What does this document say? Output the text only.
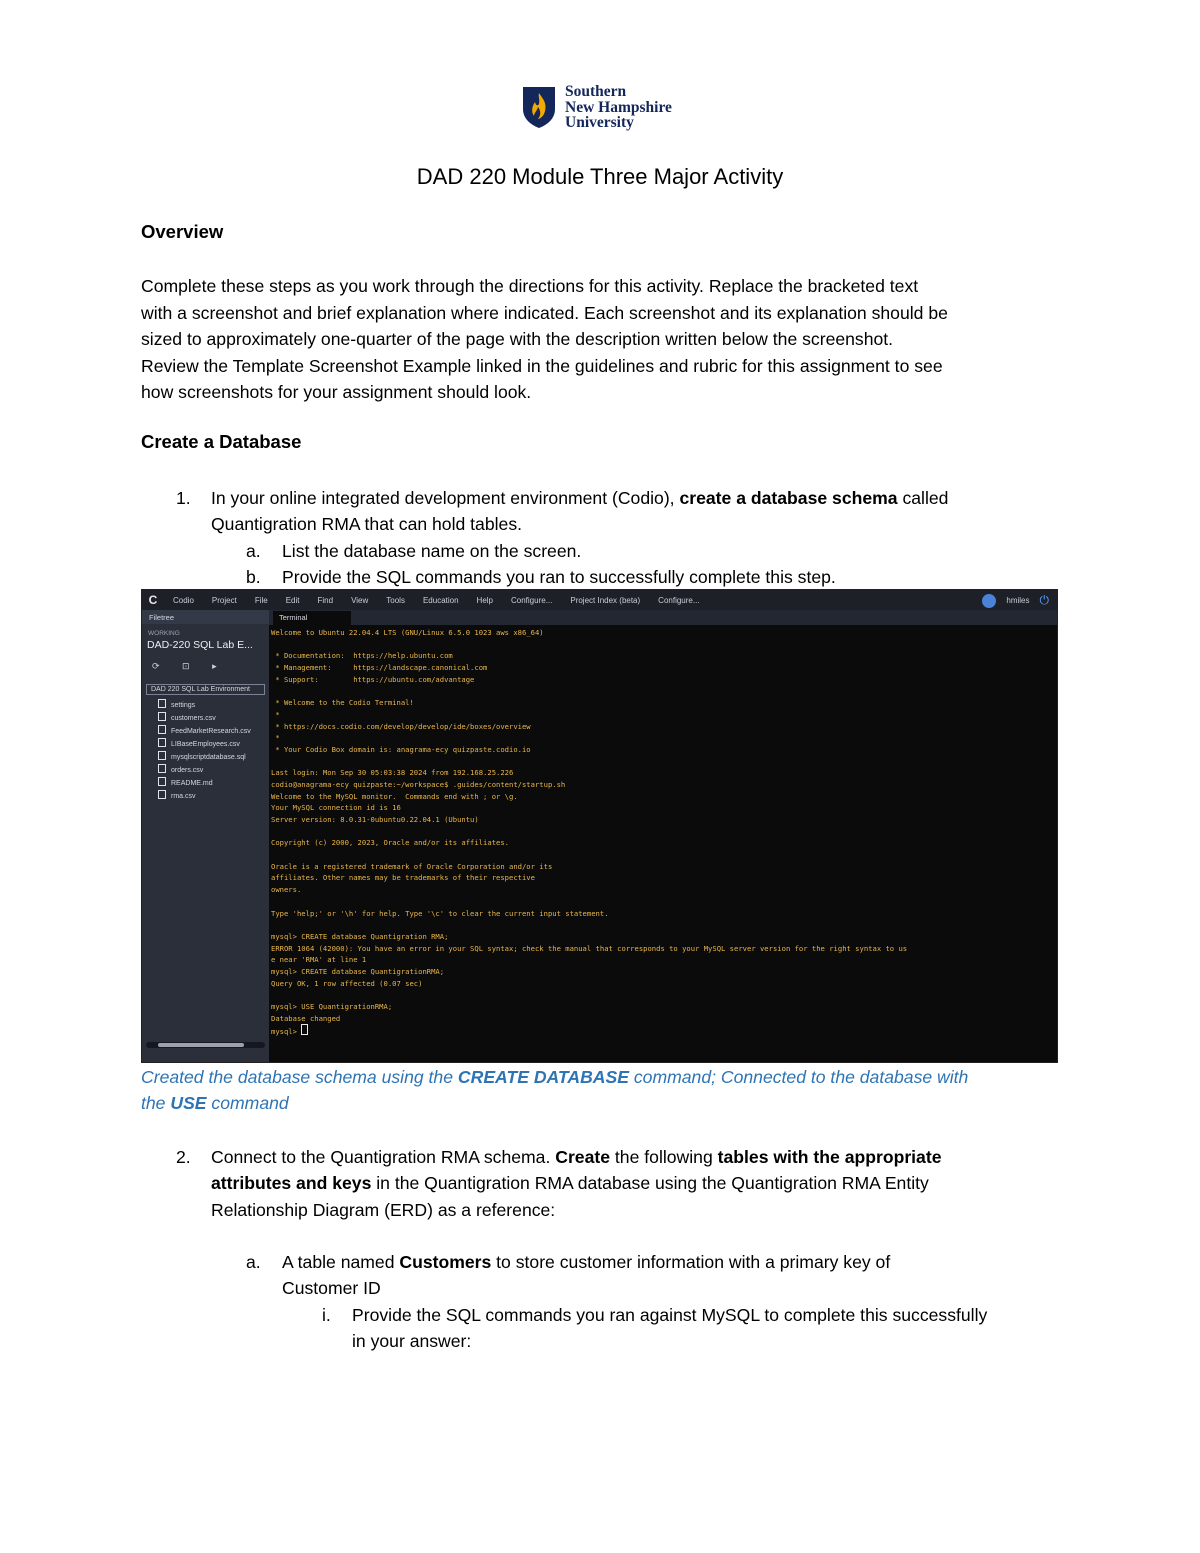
Southern
New Hampshire
University
DAD 220 Module Three Major Activity
Overview
Complete these steps as you work through the directions for this activity. Replace the bracketed text
with a screenshot and brief explanation where indicated. Each screenshot and its explanation should be
sized to approximately one-quarter of the page with the description written below the screenshot.
Review the Template Screenshot Example linked in the guidelines and rubric for this assignment to see
how screenshots for your assignment should look.
Create a Database
1. In your online integrated development environment (Codio), create a database schema called
Quantigration RMA that can hold tables.
a. List the database name on the screen.
b. Provide the SQL commands you ran to successfully complete this step.
C	Codio Project File Edit Find View Tools Education Help Configure... Project Index (beta) Configure...	hmiles ⏻
Filetree
WORKING
DAD-220 SQL Lab E...
⟳ ⊡ ▸
DAD 220 SQL Lab Environment
settings
customers.csv
FeedMarketResearch.csv
LIBaseEmployees.csv
mysqlscriptdatabase.sql
orders.csv
README.md
rma.csv
Terminal
Welcome to Ubuntu 22.04.4 LTS (GNU/Linux 6.5.0 1023 aws x86_64)
* Documentation:  https://help.ubuntu.com
* Management:     https://landscape.canonical.com
* Support:        https://ubuntu.com/advantage
* Welcome to the Codio Terminal!
*
* https://docs.codio.com/develop/develop/ide/boxes/overview
*
* Your Codio Box domain is: anagrama-ecy quizpaste.codio.io
Last login: Mon Sep 30 05:03:38 2024 from 192.168.25.226
codio@anagrama-ecy quizpaste:~/workspace$ .guides/content/startup.sh
Welcome to the MySQL monitor.  Commands end with ; or \g.
Your MySQL connection id is 16
Server version: 8.0.31-0ubuntu0.22.04.1 (Ubuntu)
Copyright (c) 2000, 2023, Oracle and/or its affiliates.
Oracle is a registered trademark of Oracle Corporation and/or its
affiliates. Other names may be trademarks of their respective
owners.
Type 'help;' or '\h' for help. Type '\c' to clear the current input statement.
mysql> CREATE database Quantigration RMA;
ERROR 1064 (42000): You have an error in your SQL syntax; check the manual that corresponds to your MySQL server version for the right syntax to us
e near 'RMA' at line 1
mysql> CREATE database QuantigrationRMA;
Query OK, 1 row affected (0.07 sec)
mysql> USE QuantigrationRMA;
Database changed
mysql>
Created the database schema using the CREATE DATABASE command; Connected to the database with
the USE command
2. Connect to the Quantigration RMA schema. Create the following tables with the appropriate
attributes and keys in the Quantigration RMA database using the Quantigration RMA Entity
Relationship Diagram (ERD) as a reference:
a. A table named Customers to store customer information with a primary key of
Customer ID
i. Provide the SQL commands you ran against MySQL to complete this successfully
in your answer:
